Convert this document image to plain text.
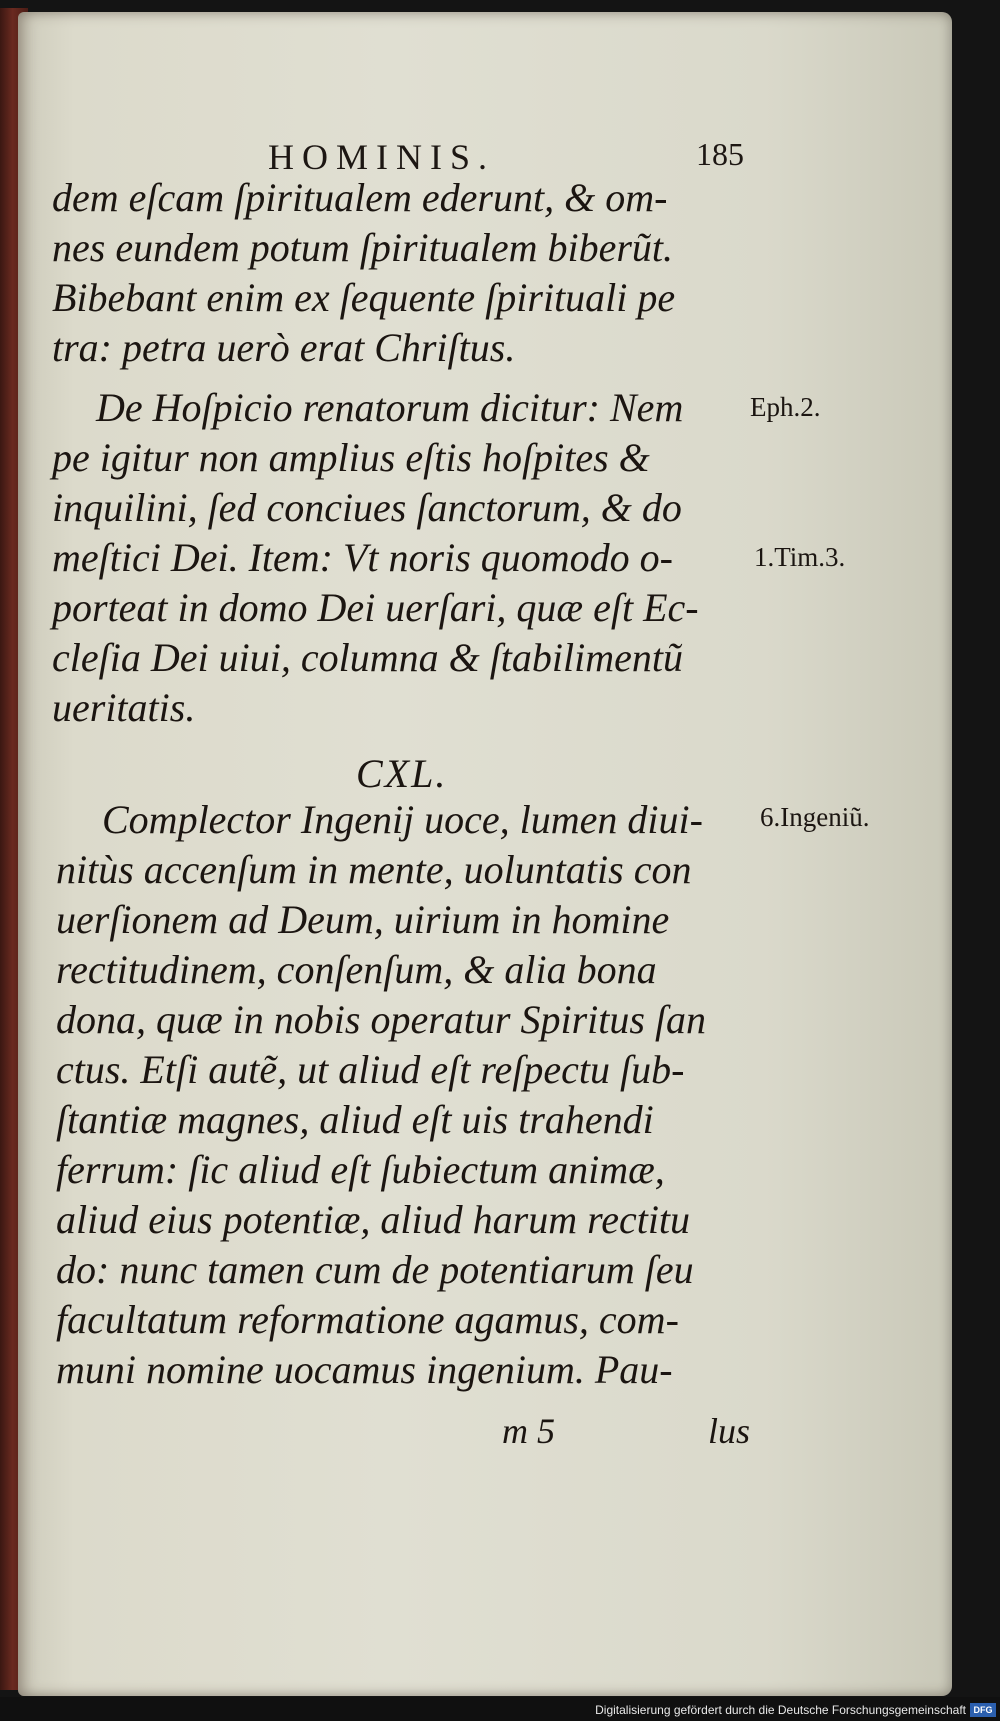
HOMINIS.	185
dem eſcam ſpiritualem ederunt, & om-
nes eundem potum ſpiritualem biberũt.
Bibebant enim ex ſequente ſpirituali pe
tra: petra uerò erat Chriſtus.
De Hoſpicio renatorum dicitur: Nem
pe igitur non amplius eſtis hoſpites &
inquilini, ſed conciues ſanctorum, & do
meſtici Dei. Item: Vt noris quomodo o-
porteat in domo Dei uerſari, quæ eſt Ec-
cleſia Dei uiui, columna & ſtabilimentũ
ueritatis.
Eph.2.
1.Tim.3.
CXL.
Complector Ingenij uoce, lumen diui-
nitùs accenſum in mente, uoluntatis con
uerſionem ad Deum, uirium in homine
rectitudinem, conſenſum, & alia bona
dona, quæ in nobis operatur Spiritus ſan
ctus. Etſi autẽ, ut aliud eſt reſpectu ſub-
ſtantiæ magnes, aliud eſt uis trahendi
ferrum: ſic aliud eſt ſubiectum animæ,
aliud eius potentiæ, aliud harum rectitu
do: nunc tamen cum de potentiarum ſeu
facultatum reformatione agamus, com-
muni nomine uocamus ingenium. Pau-
6.Ingeniũ.
m 5	lus
Digitalisierung gefördert durch die Deutsche Forschungsgemeinschaft DFG
